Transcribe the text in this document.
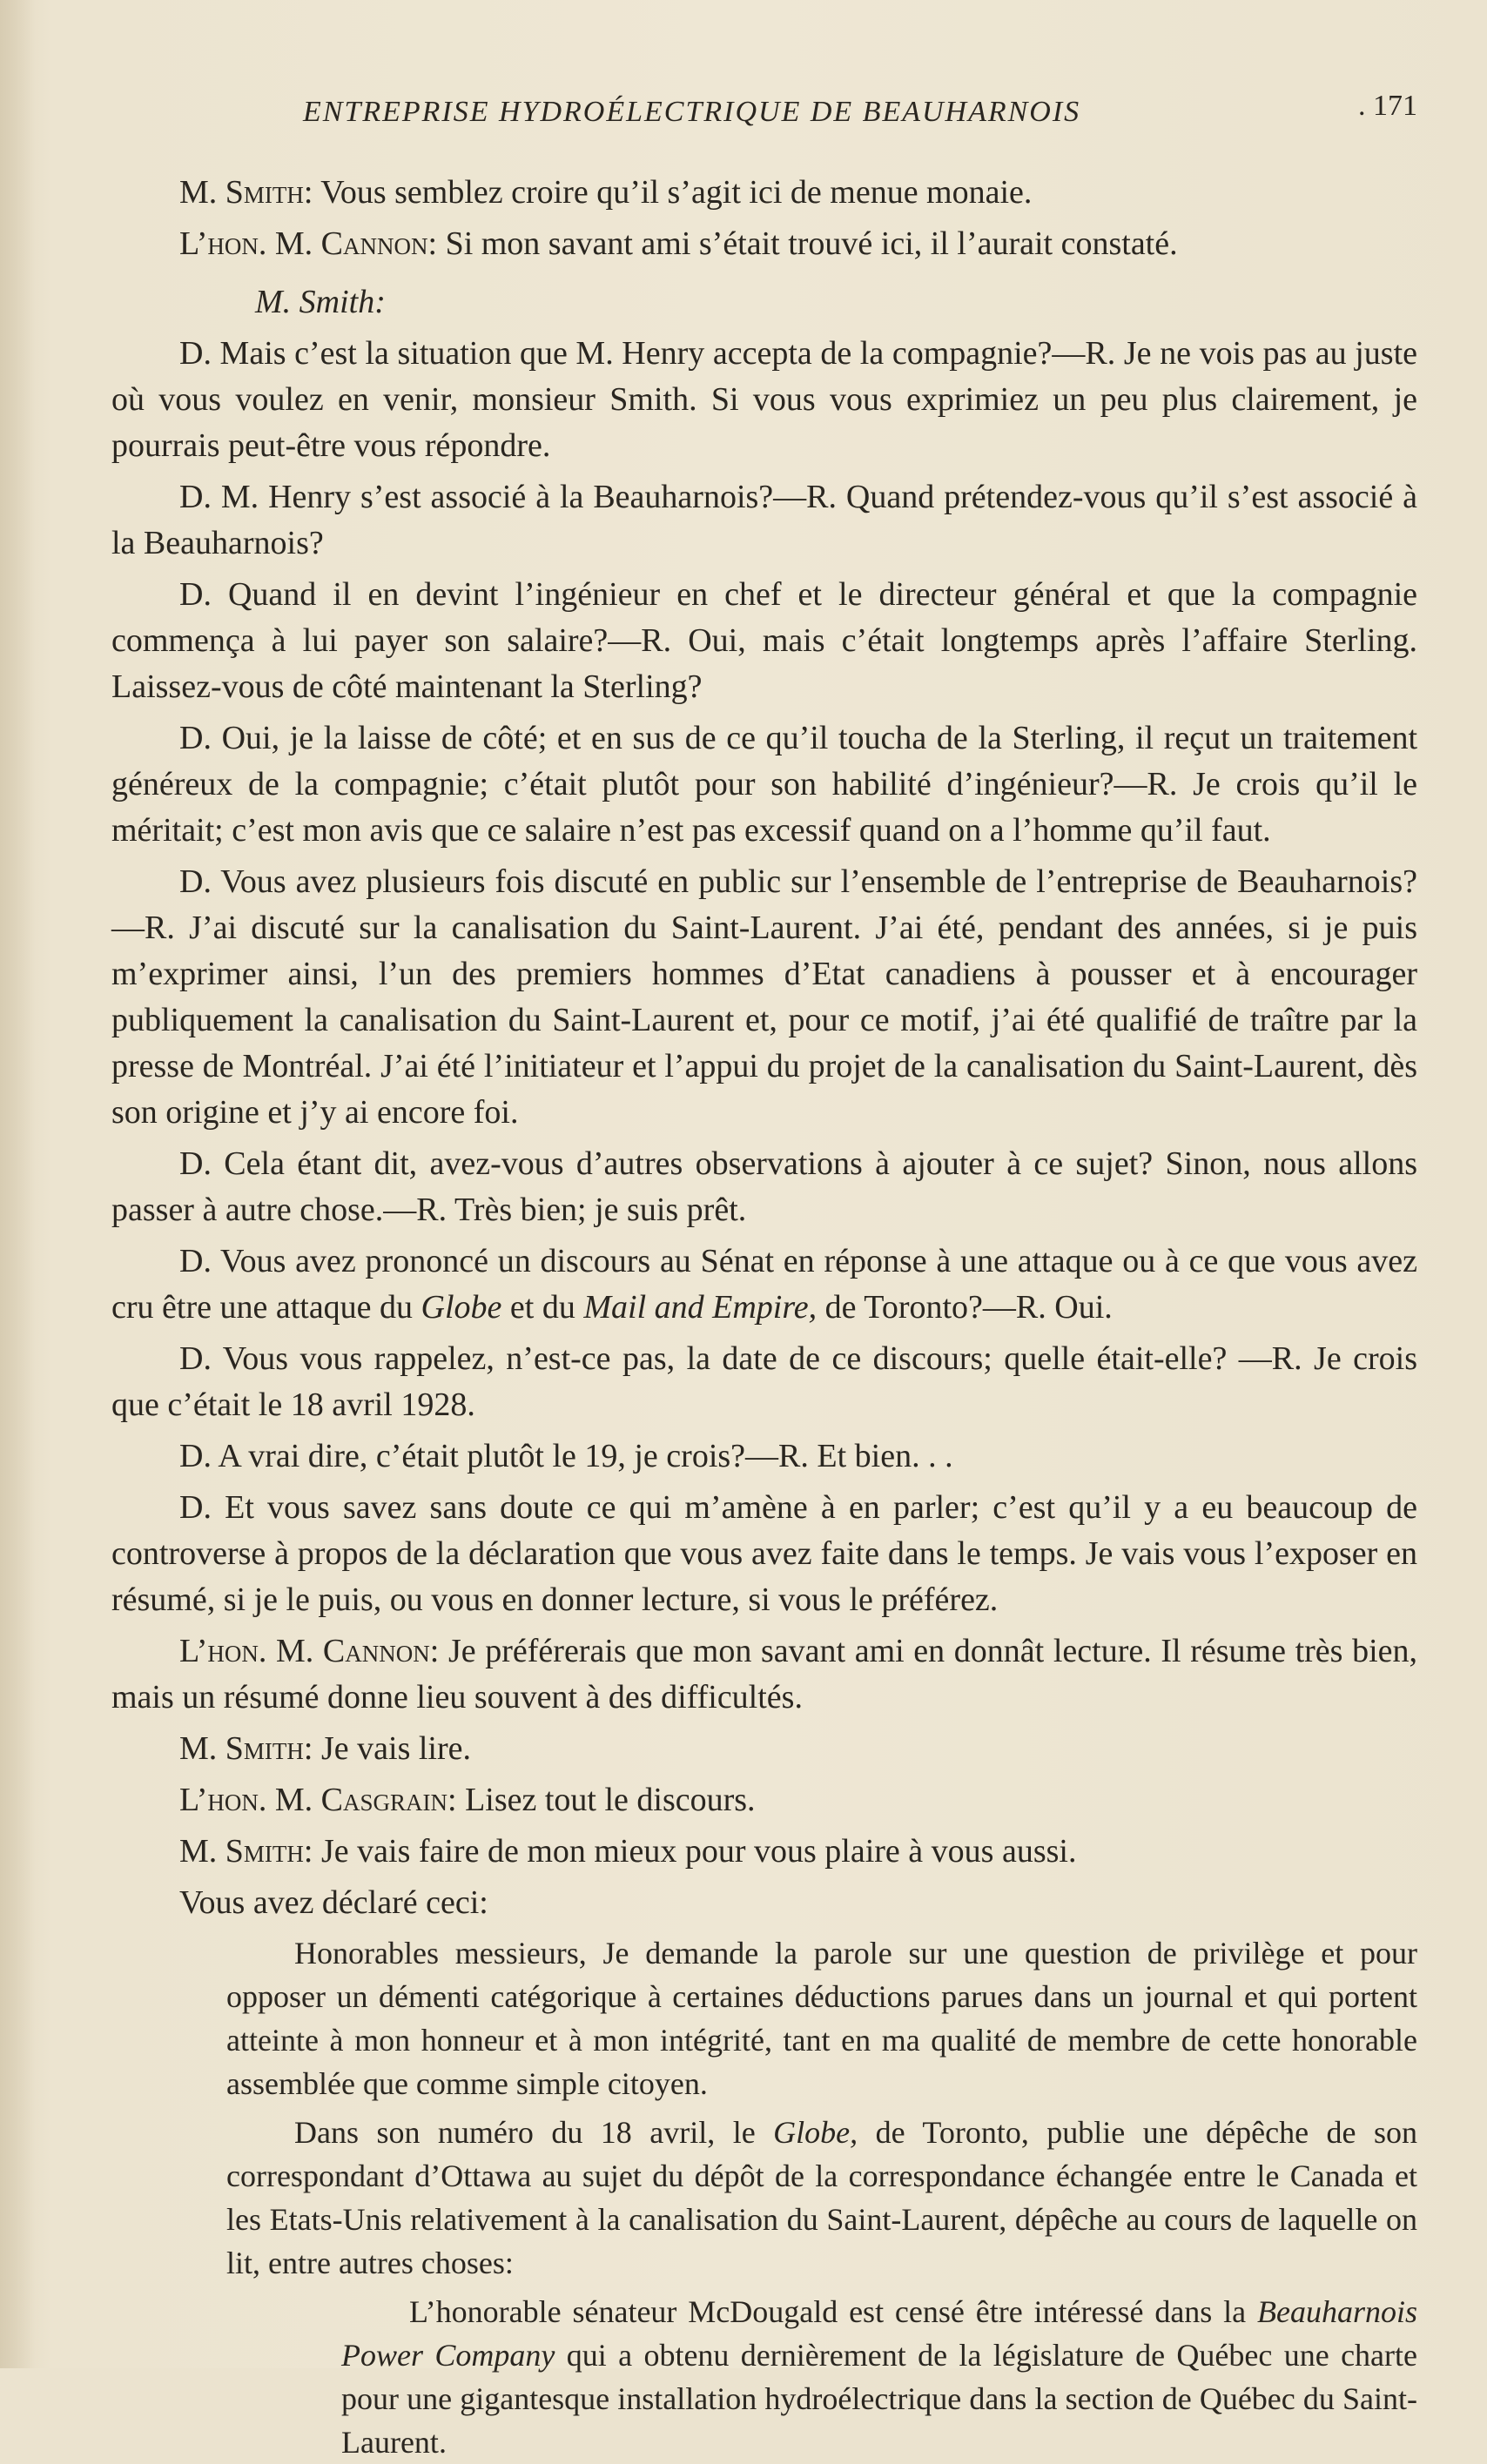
ENTREPRISE HYDROÉLECTRIQUE DE BEAUHARNOIS	. 171

M. Smith: Vous semblez croire qu’il s’agit ici de menue monaie.

L’hon. M. Cannon: Si mon savant ami s’était trouvé ici, il l’aurait constaté.

M. Smith:

D. Mais c’est la situation que M. Henry accepta de la compagnie?—R. Je ne vois pas au juste où vous voulez en venir, monsieur Smith. Si vous vous exprimiez un peu plus clairement, je pourrais peut-être vous répondre.

D. M. Henry s’est associé à la Beauharnois?—R. Quand prétendez-vous qu’il s’est associé à la Beauharnois?

D. Quand il en devint l’ingénieur en chef et le directeur général et que la compagnie commença à lui payer son salaire?—R. Oui, mais c’était longtemps après l’affaire Sterling. Laissez-vous de côté maintenant la Sterling?

D. Oui, je la laisse de côté; et en sus de ce qu’il toucha de la Sterling, il reçut un traitement généreux de la compagnie; c’était plutôt pour son habilité d’ingénieur?—R. Je crois qu’il le méritait; c’est mon avis que ce salaire n’est pas excessif quand on a l’homme qu’il faut.

D. Vous avez plusieurs fois discuté en public sur l’ensemble de l’entreprise de Beauharnois?—R. J’ai discuté sur la canalisation du Saint-Laurent. J’ai été, pendant des années, si je puis m’exprimer ainsi, l’un des premiers hommes d’Etat canadiens à pousser et à encourager publiquement la canalisation du Saint-Laurent et, pour ce motif, j’ai été qualifié de traître par la presse de Montréal. J’ai été l’initiateur et l’appui du projet de la canalisation du Saint-Laurent, dès son origine et j’y ai encore foi.

D. Cela étant dit, avez-vous d’autres observations à ajouter à ce sujet? Sinon, nous allons passer à autre chose.—R. Très bien; je suis prêt.

D. Vous avez prononcé un discours au Sénat en réponse à une attaque ou à ce que vous avez cru être une attaque du Globe et du Mail and Empire, de Toronto?—R. Oui.

D. Vous vous rappelez, n’est-ce pas, la date de ce discours; quelle était-elle? —R. Je crois que c’était le 18 avril 1928.

D. A vrai dire, c’était plutôt le 19, je crois?—R. Et bien. . .

D. Et vous savez sans doute ce qui m’amène à en parler; c’est qu’il y a eu beaucoup de controverse à propos de la déclaration que vous avez faite dans le temps. Je vais vous l’exposer en résumé, si je le puis, ou vous en donner lecture, si vous le préférez.

L’hon. M. Cannon: Je préférerais que mon savant ami en donnât lecture. Il résume très bien, mais un résumé donne lieu souvent à des difficultés.

M. Smith: Je vais lire.

L’hon. M. Casgrain: Lisez tout le discours.

M. Smith: Je vais faire de mon mieux pour vous plaire à vous aussi.

Vous avez déclaré ceci:

Honorables messieurs, Je demande la parole sur une question de privilège et pour opposer un démenti catégorique à certaines déductions parues dans un journal et qui portent atteinte à mon honneur et à mon intégrité, tant en ma qualité de membre de cette honorable assemblée que comme simple citoyen.

Dans son numéro du 18 avril, le Globe, de Toronto, publie une dépêche de son correspondant d’Ottawa au sujet du dépôt de la correspondance échangée entre le Canada et les Etats-Unis relativement à la canalisation du Saint-Laurent, dépêche au cours de laquelle on lit, entre autres choses:

L’honorable sénateur McDougald est censé être intéressé dans la Beauharnois Power Company qui a obtenu dernièrement de la législature de Québec une charte pour une gigantesque installation hydroélectrique dans la section de Québec du Saint-Laurent.
